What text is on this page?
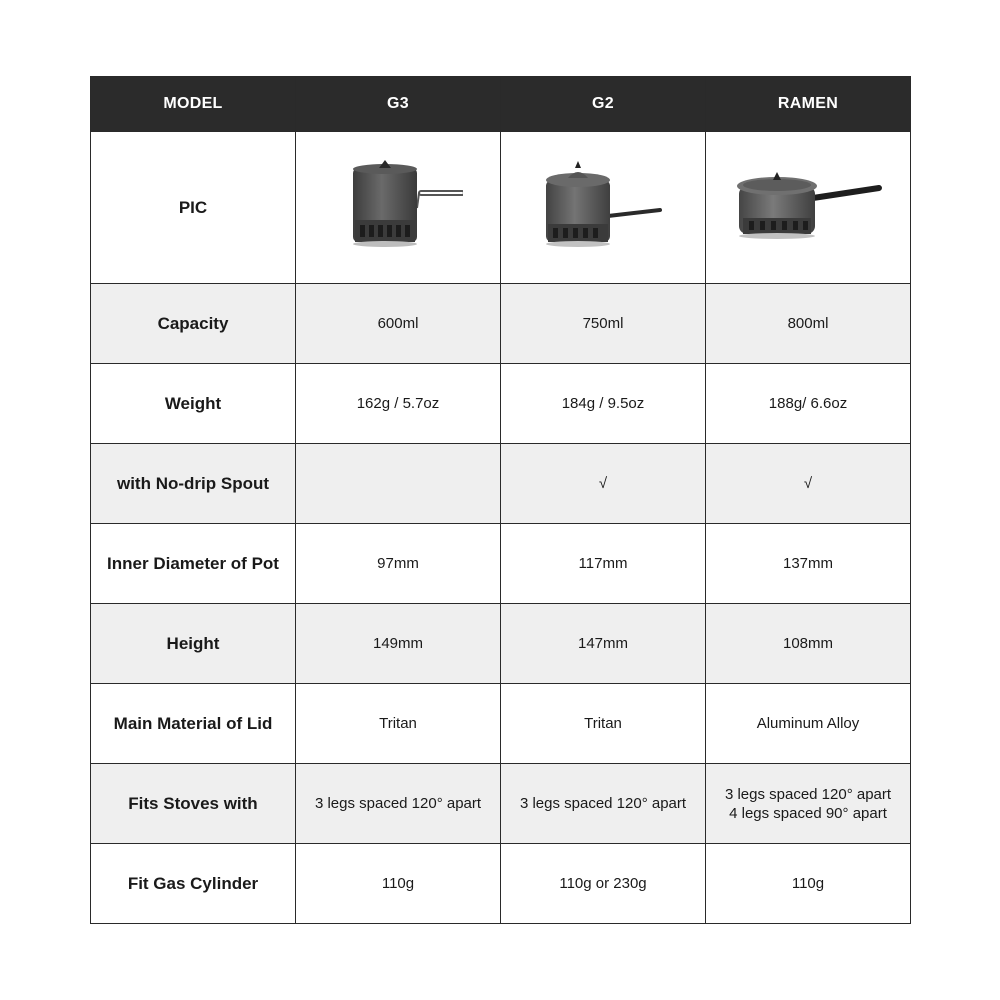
MODEL	G3	G2	RAMEN
PIC	

Capacity	600ml	750ml	800ml
Weight	162g / 5.7oz	184g / 9.5oz	188g/ 6.6oz
with No-drip Spout		√	√
Inner Diameter of Pot	97mm	117mm	137mm
Height	149mm	147mm	108mm
Main Material of Lid	Tritan	Tritan	Aluminum Alloy
Fits Stoves with	3 legs spaced 120° apart	3 legs spaced 120° apart	3 legs spaced 120° apart
4 legs spaced 90° apart

Fit Gas Cylinder	110g	110g or 230g	110g
